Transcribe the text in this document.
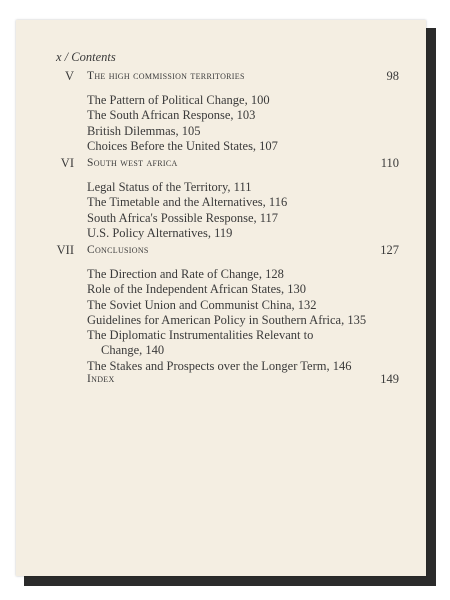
x / Contents
V the high commission territories	98
The Pattern of Political Change, 100
The South African Response, 103
British Dilemmas, 105
Choices Before the United States, 107
VI south west africa	110
Legal Status of the Territory, 111
The Timetable and the Alternatives, 116
South Africa's Possible Response, 117
U.S. Policy Alternatives, 119
VII conclusions	127
The Direction and Rate of Change, 128
Role of the Independent African States, 130
The Soviet Union and Communist China, 132
Guidelines for American Policy in Southern Africa, 135
The Diplomatic Instrumentalities Relevant to
Change, 140
The Stakes and Prospects over the Longer Term, 146
Index	149
